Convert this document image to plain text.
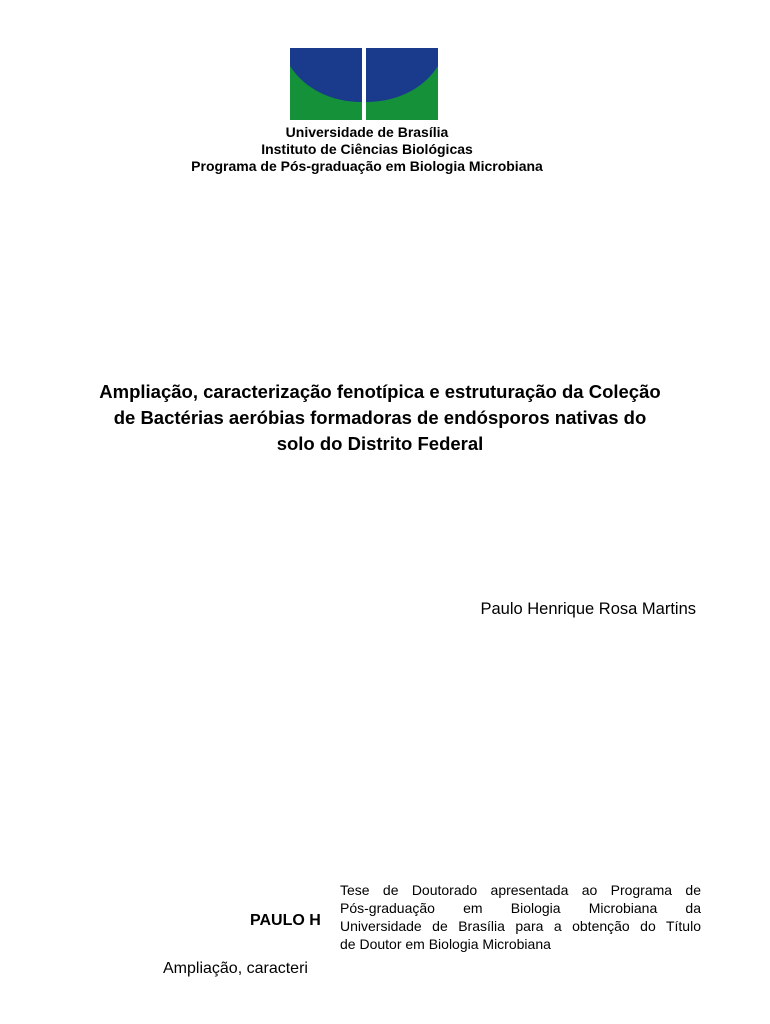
Universidade de Brasília
Instituto de Ciências Biológicas
Programa de Pós-graduação em Biologia Microbiana
Ampliação, caracterização fenotípica e estruturação da Coleção
de Bactérias aeróbias formadoras de endósporos nativas do
solo do Distrito Federal
Paulo Henrique Rosa Martins
PAULO H
Tese de Doutorado apresentada ao Programa de
Pós-graduação em Biologia Microbiana da
Universidade de Brasília para a obtenção do Título
de Doutor em Biologia Microbiana
Ampliação, caracteri
